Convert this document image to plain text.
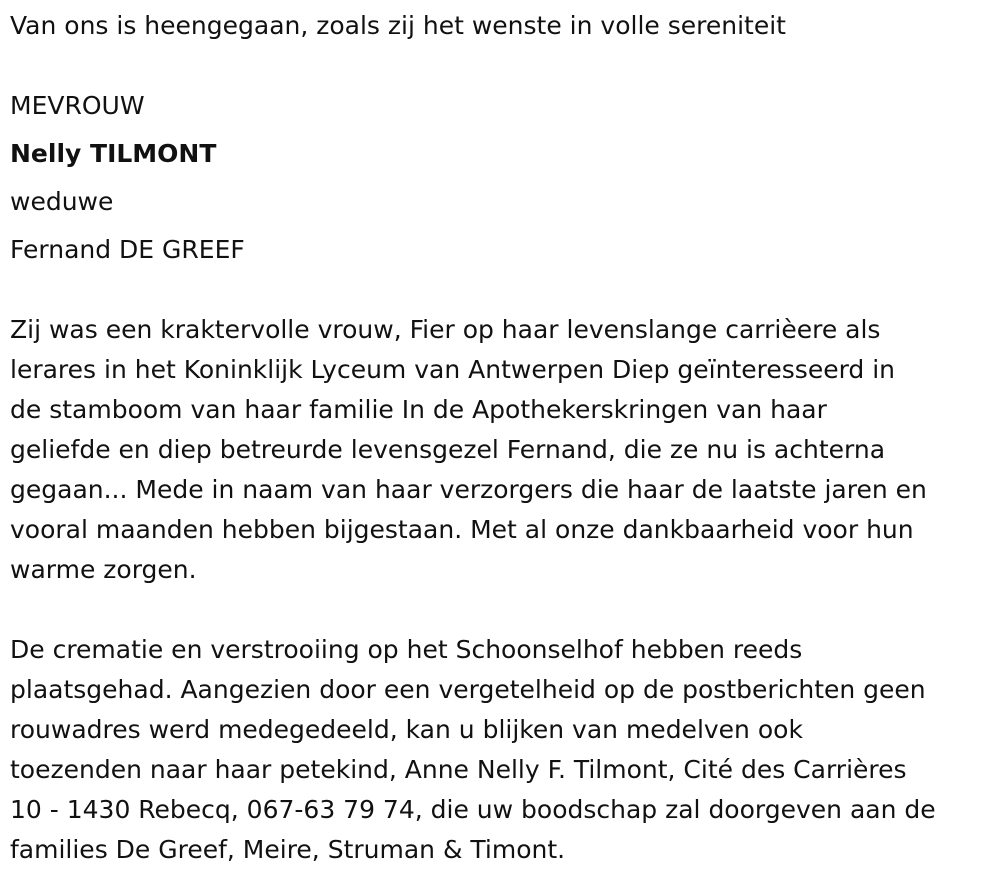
Van ons is heengegaan, zoals zij het wenste in volle sereniteit

MEVROUW

Nelly TILMONT

weduwe

Fernand DE GREEF

Zij was een kraktervolle vrouw, Fier op haar levenslange carrièere als

lerares in het Koninklijk Lyceum van Antwerpen Diep geïnteresseerd in

de stamboom van haar familie In de Apothekerskringen van haar

geliefde en diep betreurde levensgezel Fernand, die ze nu is achterna

gegaan... Mede in naam van haar verzorgers die haar de laatste jaren en

vooral maanden hebben bijgestaan. Met al onze dankbaarheid voor hun

warme zorgen.

De crematie en verstrooiing op het Schoonselhof hebben reeds

plaatsgehad. Aangezien door een vergetelheid op de postberichten geen

rouwadres werd medegedeeld, kan u blijken van medelven ook

toezenden naar haar petekind, Anne Nelly F. Tilmont, Cité des Carrières

10 - 1430 Rebecq, 067-63 79 74, die uw boodschap zal doorgeven aan de

families De Greef, Meire, Struman & Timont.
